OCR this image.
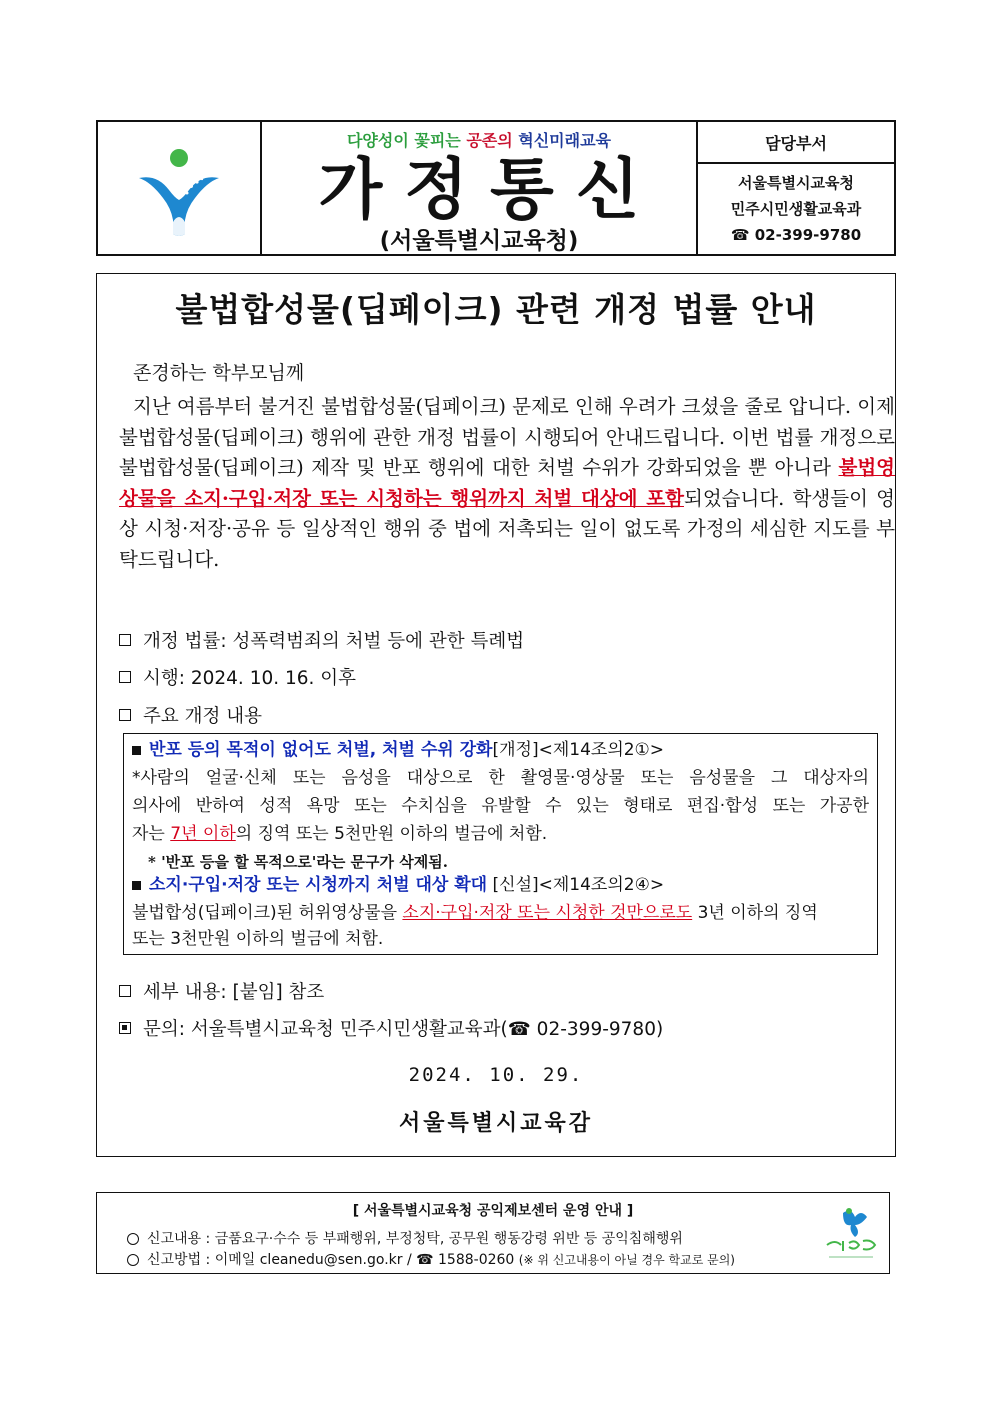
다양성이 꽃피는 공존의 혁신미래교육
가정통신
(서울특별시교육청)
담당부서
서울특별시교육청
민주시민생활교육과
☎ 02-399-9780
불법합성물(딥페이크) 관련 개정 법률 안내
존경하는 학부모님께
지난 여름부터 불거진 불법합성물(딥페이크) 문제로 인해 우려가 크셨을 줄로 압니다. 이제 불법합성물(딥페이크) 행위에 관한 개정 법률이 시행되어 안내드립니다. 이번 법률 개정으로 불법합성물(딥페이크) 제작 및 반포 행위에 대한 처벌 수위가 강화되었을 뿐 아니라 불법영상물을 소지·구입·저장 또는 시청하는 행위까지 처벌 대상에 포함되었습니다. 학생들이 영상 시청·저장·공유 등 일상적인 행위 중 법에 저촉되는 일이 없도록 가정의 세심한 지도를 부탁드립니다.
개정 법률: 성폭력범죄의 처벌 등에 관한 특례법
시행: 2024. 10. 16. 이후
주요 개정 내용
반포 등의 목적이 없어도 처벌, 처벌 수위 강화[개정]<제14조의2①>
*사람의 얼굴·신체 또는 음성을 대상으로 한 촬영물·영상물 또는 음성물을 그 대상자의
의사에 반하여 성적 욕망 또는 수치심을 유발할 수 있는 형태로 편집·합성 또는 가공한
자는 7년 이하의 징역 또는 5천만원 이하의 벌금에 처함.
* '반포 등을 할 목적으로'라는 문구가 삭제됨.
소지·구입·저장 또는 시청까지 처벌 대상 확대 [신설]<제14조의2④>
불법합성(딥페이크)된 허위영상물을 소지·구입·저장 또는 시청한 것만으로도 3년 이하의 징역
또는 3천만원 이하의 벌금에 처함.
세부 내용: [붙임] 참조
문의: 서울특별시교육청 민주시민생활교육과(☎ 02-399-9780)
2024. 10. 29.
서울특별시교육감
[ 서울특별시교육청 공익제보센터 운영 안내 ]
신고내용 : 금품요구·수수 등 부패행위, 부정청탁, 공무원 행동강령 위반 등 공익침해행위
신고방법 : 이메일 cleanedu@sen.go.kr / ☎ 1588-0260 (※ 위 신고내용이 아닐 경우 학교로 문의)
